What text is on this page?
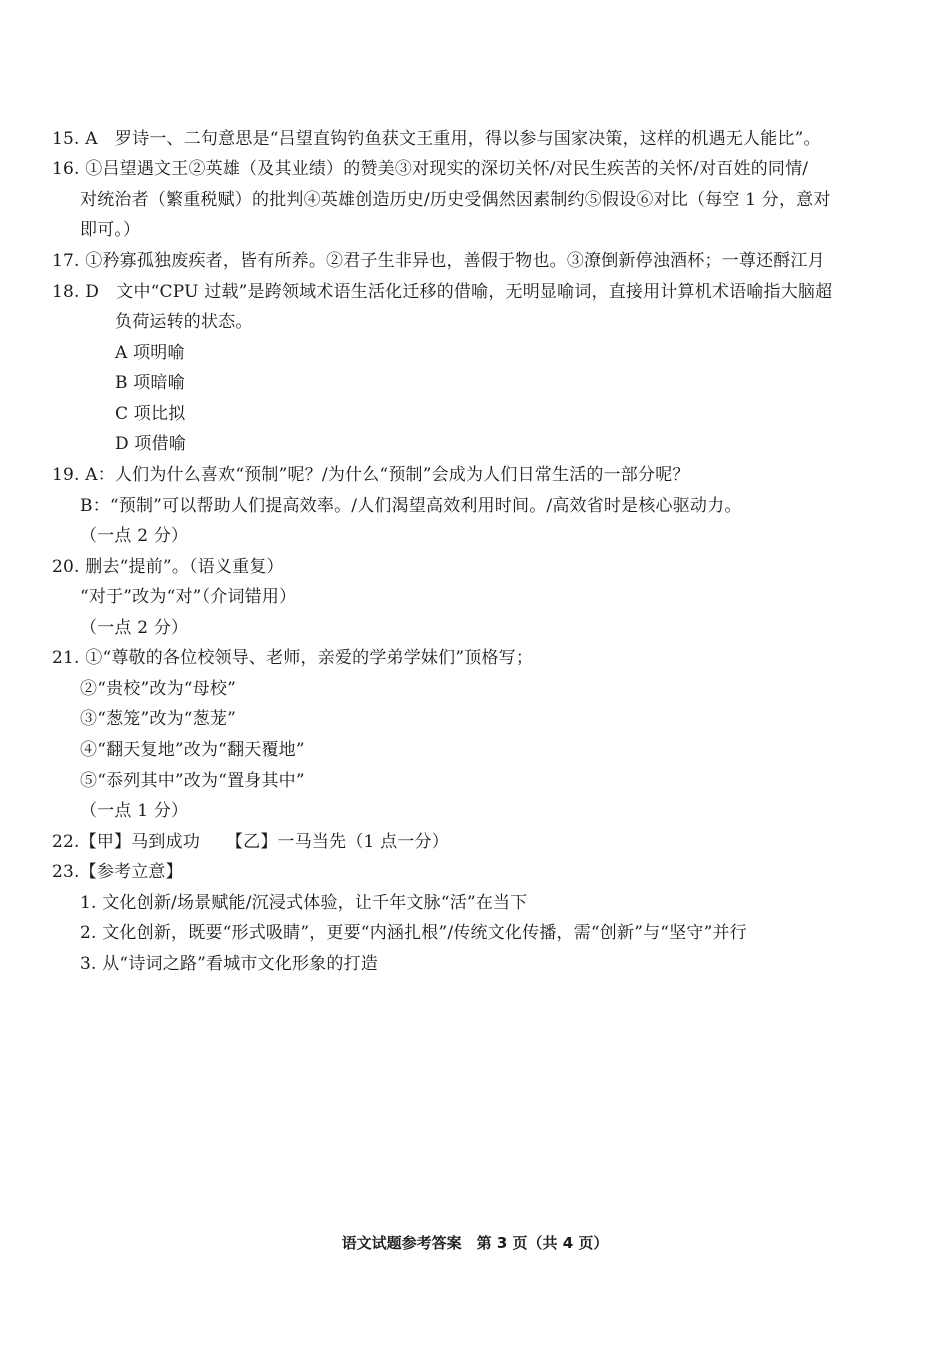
15. A　罗诗一、二句意思是“吕望直钩钓鱼获文王重用，得以参与国家决策，这样的机遇无人能比”。
16. ①吕望遇文王②英雄（及其业绩）的赞美③对现实的深切关怀/对民生疾苦的关怀/对百姓的同情/
对统治者（繁重税赋）的批判④英雄创造历史/历史受偶然因素制约⑤假设⑥对比（每空 1 分，意对
即可。）
17. ①矜寡孤独废疾者，皆有所养。②君子生非异也，善假于物也。③潦倒新停浊酒杯；一尊还酹江月
18. D　文中“CPU 过载”是跨领域术语生活化迁移的借喻，无明显喻词，直接用计算机术语喻指大脑超
负荷运转的状态。
A 项明喻
B 项暗喻
C 项比拟
D 项借喻
19. A：人们为什么喜欢“预制”呢？/为什么“预制”会成为人们日常生活的一部分呢？
B：“预制”可以帮助人们提高效率。/人们渴望高效利用时间。/高效省时是核心驱动力。
（一点 2 分）
20. 删去“提前”。（语义重复）
“对于”改为“对”（介词错用）
（一点 2 分）
21. ①“尊敬的各位校领导、老师，亲爱的学弟学妹们”顶格写；
②“贵校”改为“母校”
③“葱笼”改为“葱茏”
④“翻天复地”改为“翻天覆地”
⑤“忝列其中”改为“置身其中”
（一点 1 分）
22.【甲】马到成功　　【乙】一马当先（1 点一分）
23.【参考立意】
1. 文化创新/场景赋能/沉浸式体验，让千年文脉“活”在当下
2. 文化创新，既要“形式吸睛”，更要“内涵扎根”/传统文化传播，需“创新”与“坚守”并行
3. 从“诗词之路”看城市文化形象的打造
语文试题参考答案　第 3 页（共 4 页）
